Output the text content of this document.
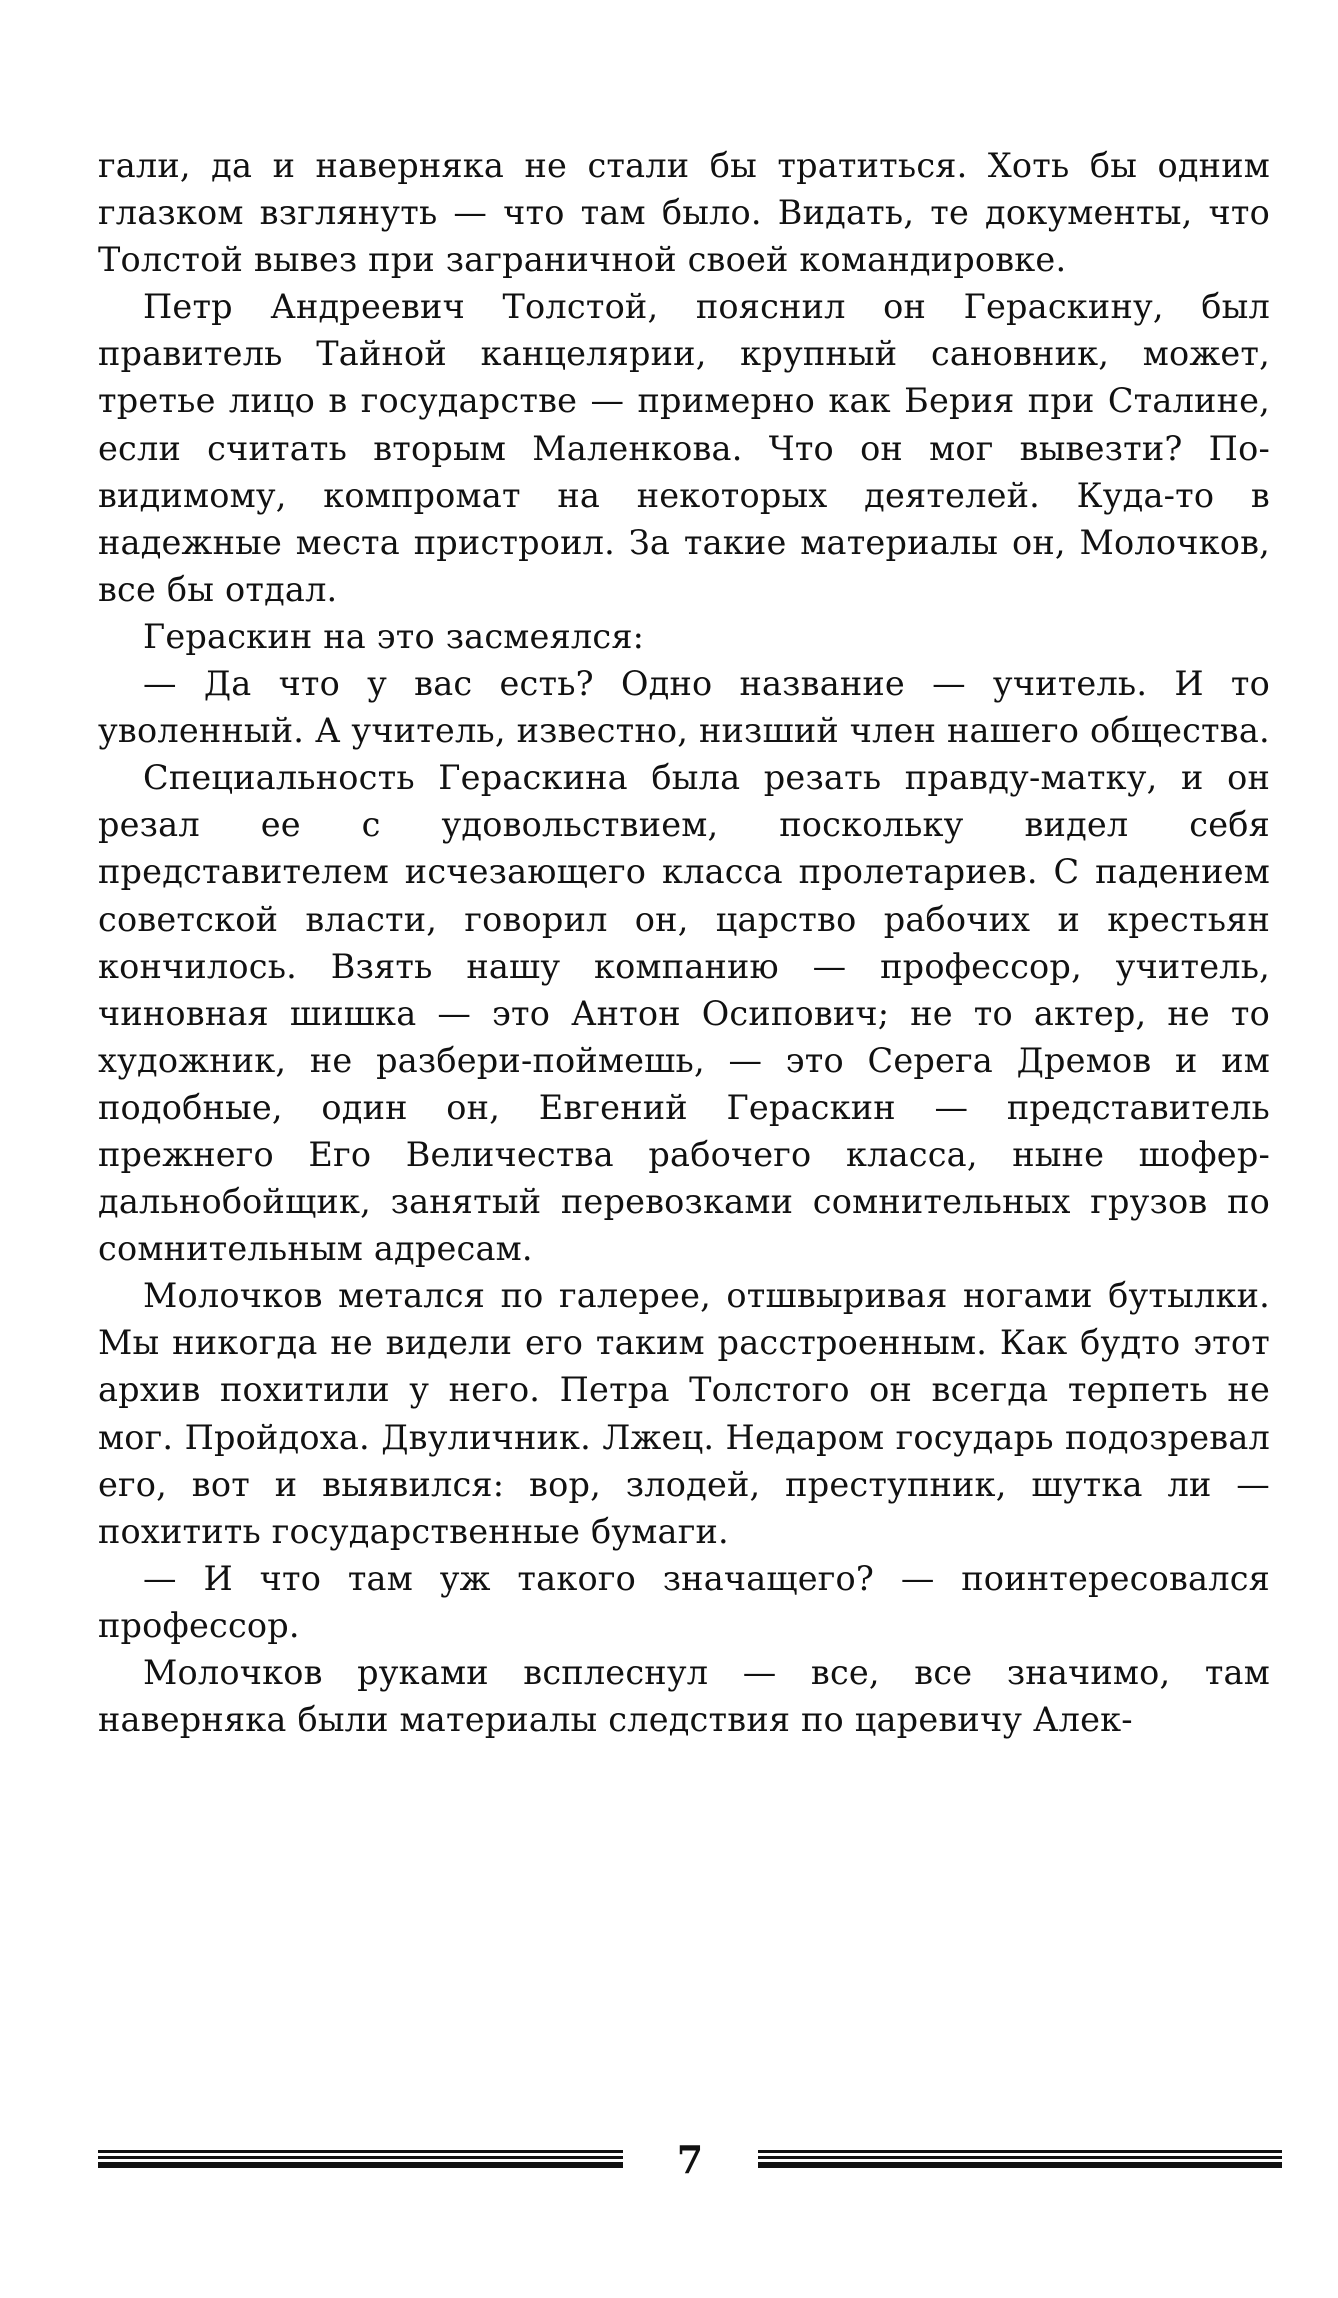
гали, да и наверняка не стали бы тратиться. Хоть бы одним глазком взглянуть — что там было. Видать, те документы, что Толстой вывез при заграничной своей командировке.

Петр Андреевич Толстой, пояснил он Гераскину, был правитель Тайной канцелярии, крупный сановник, может, третье лицо в государстве — примерно как Берия при Сталине, если считать вторым Маленкова. Что он мог вывезти? По-видимому, компромат на некоторых деятелей. Куда-то в надежные места пристроил. За такие материалы он, Молочков, все бы отдал.

Гераскин на это засмеялся:

— Да что у вас есть? Одно название — учитель. И то уволенный. А учитель, известно, низший член нашего общества.

Специальность Гераскина была резать правду-матку, и он резал ее с удовольствием, поскольку видел себя представителем исчезающего класса пролетариев. С падением советской власти, говорил он, царство рабочих и крестьян кончилось. Взять нашу компанию — профессор, учитель, чиновная шишка — это Антон Осипович; не то актер, не то художник, не разбери-поймешь, — это Серега Дремов и им подобные, один он, Евгений Гераскин — представитель прежнего Его Величества рабочего класса, ныне шофер-дальнобойщик, занятый перевозками сомнительных грузов по сомнительным адресам.

Молочков метался по галерее, отшвыривая ногами бутылки. Мы никогда не видели его таким расстроенным. Как будто этот архив похитили у него. Петра Толстого он всегда терпеть не мог. Пройдоха. Двуличник. Лжец. Недаром государь подозревал его, вот и выявился: вор, злодей, преступник, шутка ли — похитить государственные бумаги.

— И что там уж такого значащего? — поинтересовался профессор.

Молочков руками всплеснул — все, все значимо, там наверняка были материалы следствия по царевичу Алек-

7
